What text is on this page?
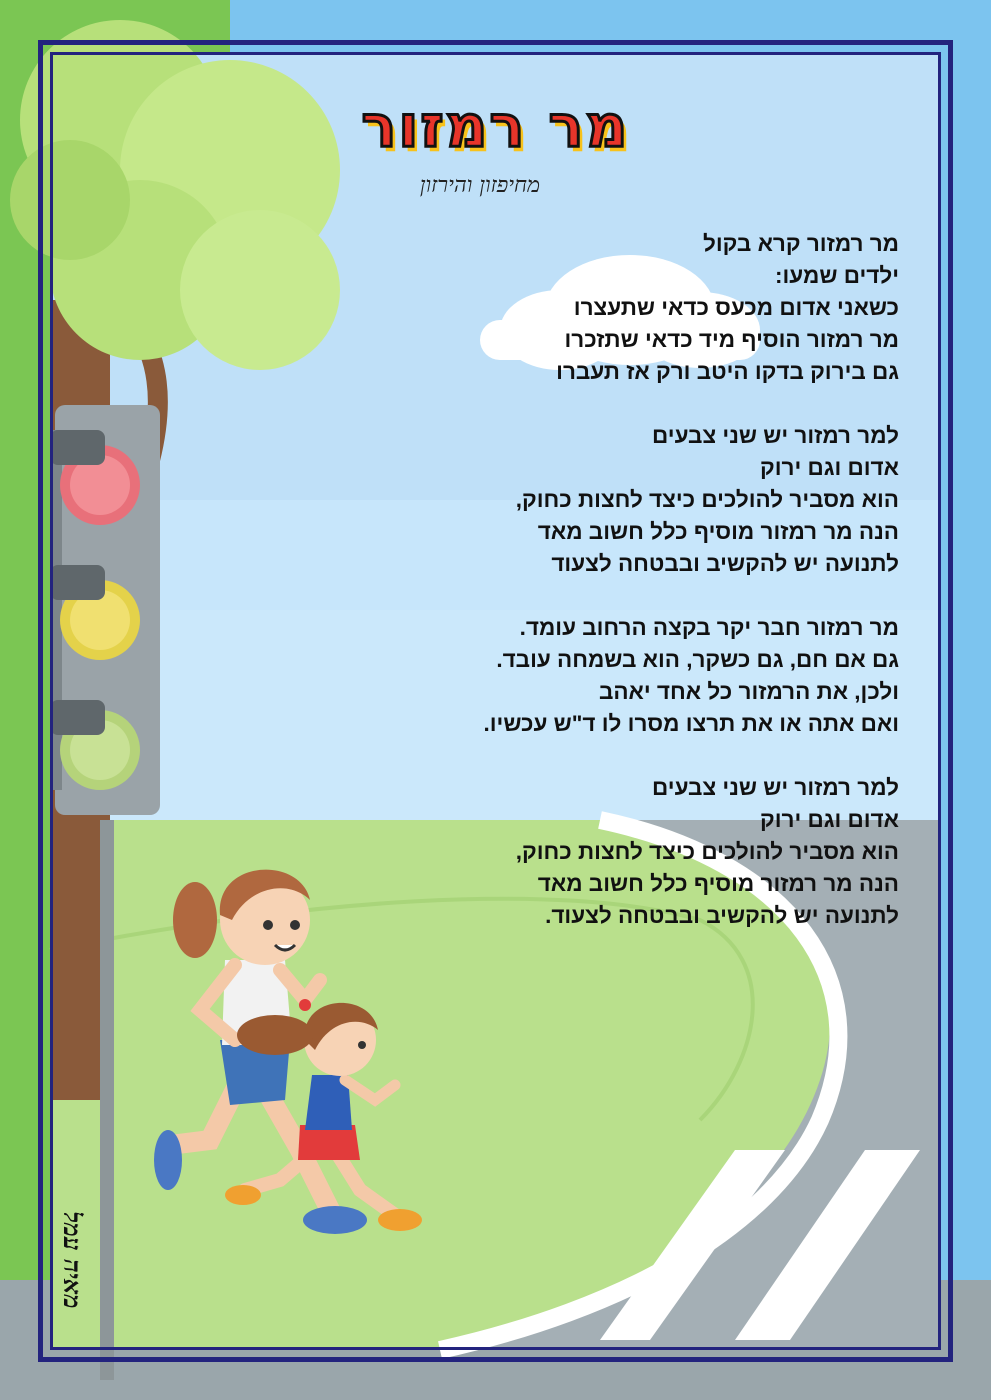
מר רמזור
מחיפזון והירזון
מר רמזור קרא בקול
ילדים שמעו:
כשאני אדום מכעס כדאי שתעצרו
מר רמזור הוסיף מיד כדאי שתזכרו
גם בירוק בדקו היטב ורק אז תעברו
למר רמזור יש שני צבעים
אדום וגם ירוק
הוא מסביר להולכים כיצד לחצות כחוק,
הנה מר רמזור מוסיף כלל חשוב מאד
לתנועה יש להקשיב ובבטחה לצעוד
מר רמזור חבר יקר בקצה הרחוב עומד.
גם אם חם, גם כשקר, הוא בשמחה עובד.
ולכן, את הרמזור כל אחד יאהב
ואם אתה או את תרצו מסרו לו ד"ש עכשיו.
למר רמזור יש שני צבעים
אדום וגם ירוק
הוא מסביר להולכים כיצד לחצות כחוק,
הנה מר רמזור מוסיף כלל חשוב מאד
לתנועה יש להקשיב ובבטחה לצעוד.
מאיה עמל
